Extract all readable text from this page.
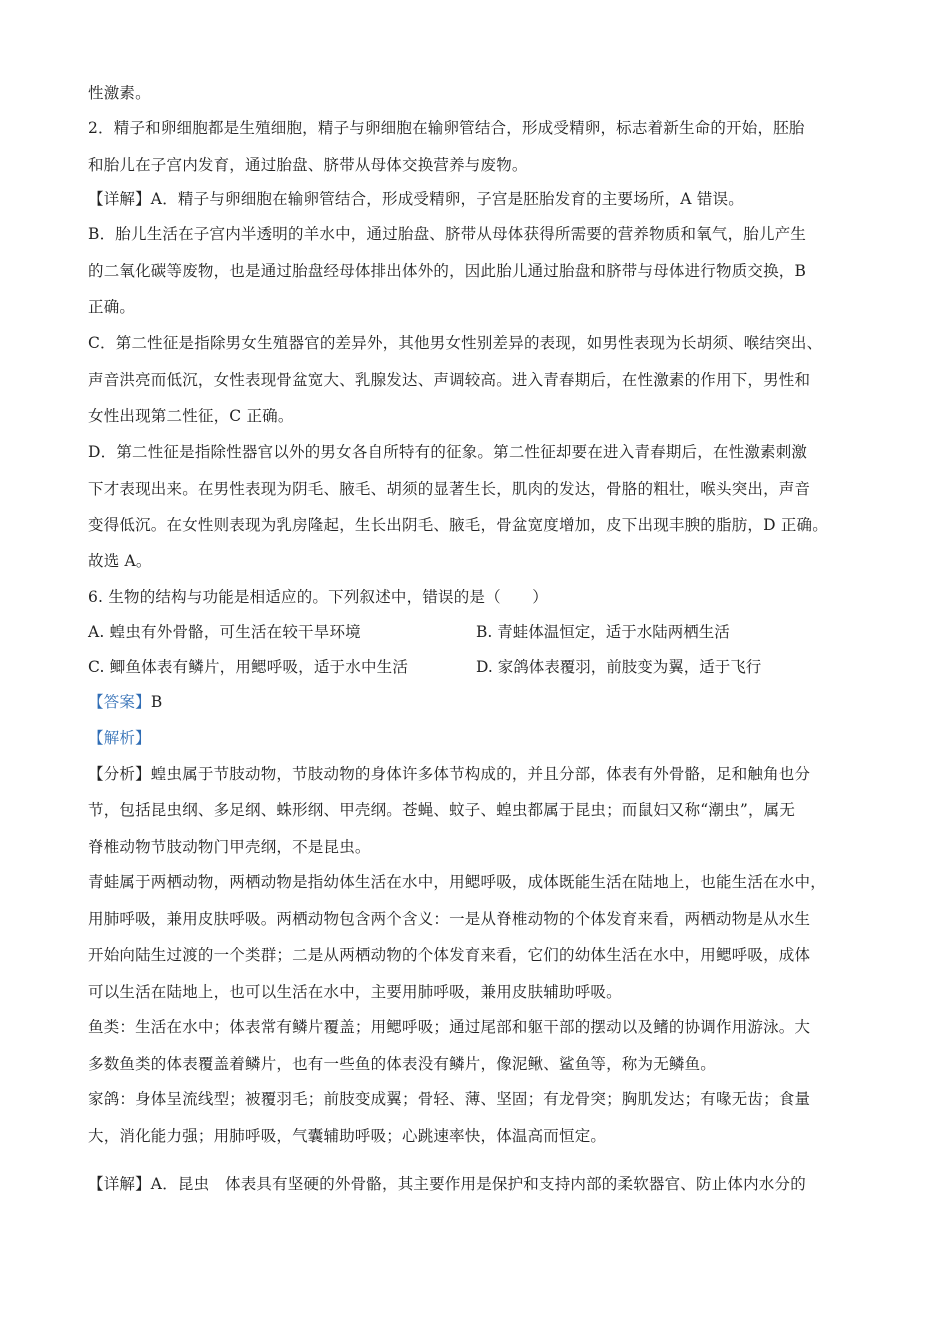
性激素。
2．精子和卵细胞都是生殖细胞，精子与卵细胞在输卵管结合，形成受精卵，标志着新生命的开始，胚胎
和胎儿在子宫内发育，通过胎盘、脐带从母体交换营养与废物。
【详解】A．精子与卵细胞在输卵管结合，形成受精卵，子宫是胚胎发育的主要场所，A 错误。
B．胎儿生活在子宫内半透明的羊水中，通过胎盘、脐带从母体获得所需要的营养物质和氧气，胎儿产生
的二氧化碳等废物，也是通过胎盘经母体排出体外的，因此胎儿通过胎盘和脐带与母体进行物质交换，B
正确。
C．第二性征是指除男女生殖器官的差异外，其他男女性别差异的表现，如男性表现为长胡须、喉结突出、
声音洪亮而低沉，女性表现骨盆宽大、乳腺发达、声调较高。进入青春期后，在性激素的作用下，男性和
女性出现第二性征，C 正确。
D．第二性征是指除性器官以外的男女各自所特有的征象。第二性征却要在进入青春期后，在性激素刺激
下才表现出来。在男性表现为阴毛、腋毛、胡须的显著生长，肌肉的发达，骨胳的粗壮，喉头突出，声音
变得低沉。在女性则表现为乳房隆起，生长出阴毛、腋毛，骨盆宽度增加，皮下出现丰腴的脂肪，D 正确。
故选 A。
6. 生物的结构与功能是相适应的。下列叙述中，错误的是（　　）
A. 蝗虫有外骨骼，可生活在较干旱环境	B. 青蛙体温恒定，适于水陆两栖生活
C. 鲫鱼体表有鳞片，用鳃呼吸，适于水中生活	D. 家鸽体表覆羽，前肢变为翼，适于飞行
【答案】B
【解析】
【分析】蝗虫属于节肢动物，节肢动物的身体许多体节构成的，并且分部，体表有外骨骼，足和触角也分
节，包括昆虫纲、多足纲、蛛形纲、甲壳纲。苍蝇、蚊子、蝗虫都属于昆虫；而鼠妇又称“潮虫”，属无
脊椎动物节肢动物门甲壳纲，不是昆虫。
青蛙属于两栖动物，两栖动物是指幼体生活在水中，用鳃呼吸，成体既能生活在陆地上，也能生活在水中，
用肺呼吸，兼用皮肤呼吸。两栖动物包含两个含义：一是从脊椎动物的个体发育来看，两栖动物是从水生
开始向陆生过渡的一个类群；二是从两栖动物的个体发育来看，它们的幼体生活在水中，用鳃呼吸，成体
可以生活在陆地上，也可以生活在水中，主要用肺呼吸，兼用皮肤辅助呼吸。
鱼类：生活在水中；体表常有鳞片覆盖；用鳃呼吸；通过尾部和躯干部的摆动以及鳍的协调作用游泳。大
多数鱼类的体表覆盖着鳞片，也有一些鱼的体表没有鳞片，像泥鳅、鲨鱼等，称为无鳞鱼。
家鸽：身体呈流线型；被覆羽毛；前肢变成翼；骨轻、薄、坚固；有龙骨突；胸肌发达；有喙无齿；食量
大，消化能力强；用肺呼吸，气囊辅助呼吸；心跳速率快，体温高而恒定。
【详解】A．昆虫　体表具有坚硬的外骨骼，其主要作用是保护和支持内部的柔软器官、防止体内水分的
